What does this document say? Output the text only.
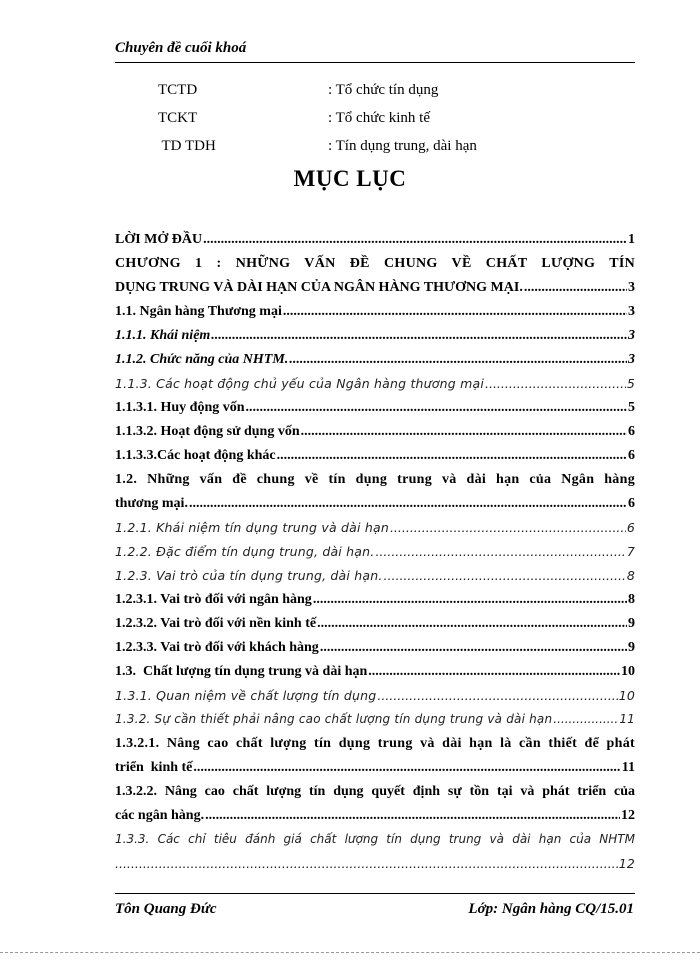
Chuyên đề cuối khoá
TCTD	: Tổ chức tín dụng
TCKT	: Tổ chức kinh tế
TD TDH	: Tín dụng trung, dài hạn
MỤC LỤC
LỜI MỞ ĐẦU .....	1
CHƯƠNG 1 : NHỮNG VẤN ĐỀ CHUNG VỀ CHẤT LƯỢNG TÍN
DỤNG TRUNG VÀ DÀI HẠN CỦA NGÂN HÀNG THƯƠNG MẠI. .....	3
1.1. Ngân hàng Thương mại .....	3
1.1.1. Khái niệm .....	3
1.1.2. Chức năng của NHTM. .....	3
1.1.3. Các hoạt động chủ yếu của Ngân hàng thương mại .....	5
1.1.3.1. Huy động vốn .....	5
1.1.3.2. Hoạt động sử dụng vốn .....	6
1.1.3.3.Các hoạt động khác .....	6
1.2. Những vấn đề chung về tín dụng trung và dài hạn của Ngân hàng
thương mại. .....	6
1.2.1. Khái niệm tín dụng trung và dài hạn .....	6
1.2.2. Đặc điểm tín dụng trung, dài hạn. .....	7
1.2.3. Vai trò của tín dụng trung, dài hạn. .....	8
1.2.3.1. Vai trò đối với ngân hàng .....	8
1.2.3.2. Vai trò đối với nền kinh tế .....	9
1.2.3.3. Vai trò đối với khách hàng .....	9
1.3.  Chất lượng tín dụng trung và dài hạn .....	10
1.3.1. Quan niệm về chất lượng tín dụng .....	10
1.3.2. Sự cần thiết phải nâng cao chất lượng tín dụng trung và dài hạn .....	11
1.3.2.1. Nâng cao chất lượng tín dụng trung và dài hạn là cần thiết để phát
triển  kinh tế .....	11
1.3.2.2. Nâng cao chất lượng tín dụng quyết định sự tồn tại và phát triển của
các ngân hàng. .....	12
1.3.3. Các chỉ tiêu đánh giá chất lượng tín dụng trung và dài hạn của NHTM
.....
12
Tôn Quang Đức	Lớp: Ngân hàng CQ/15.01
